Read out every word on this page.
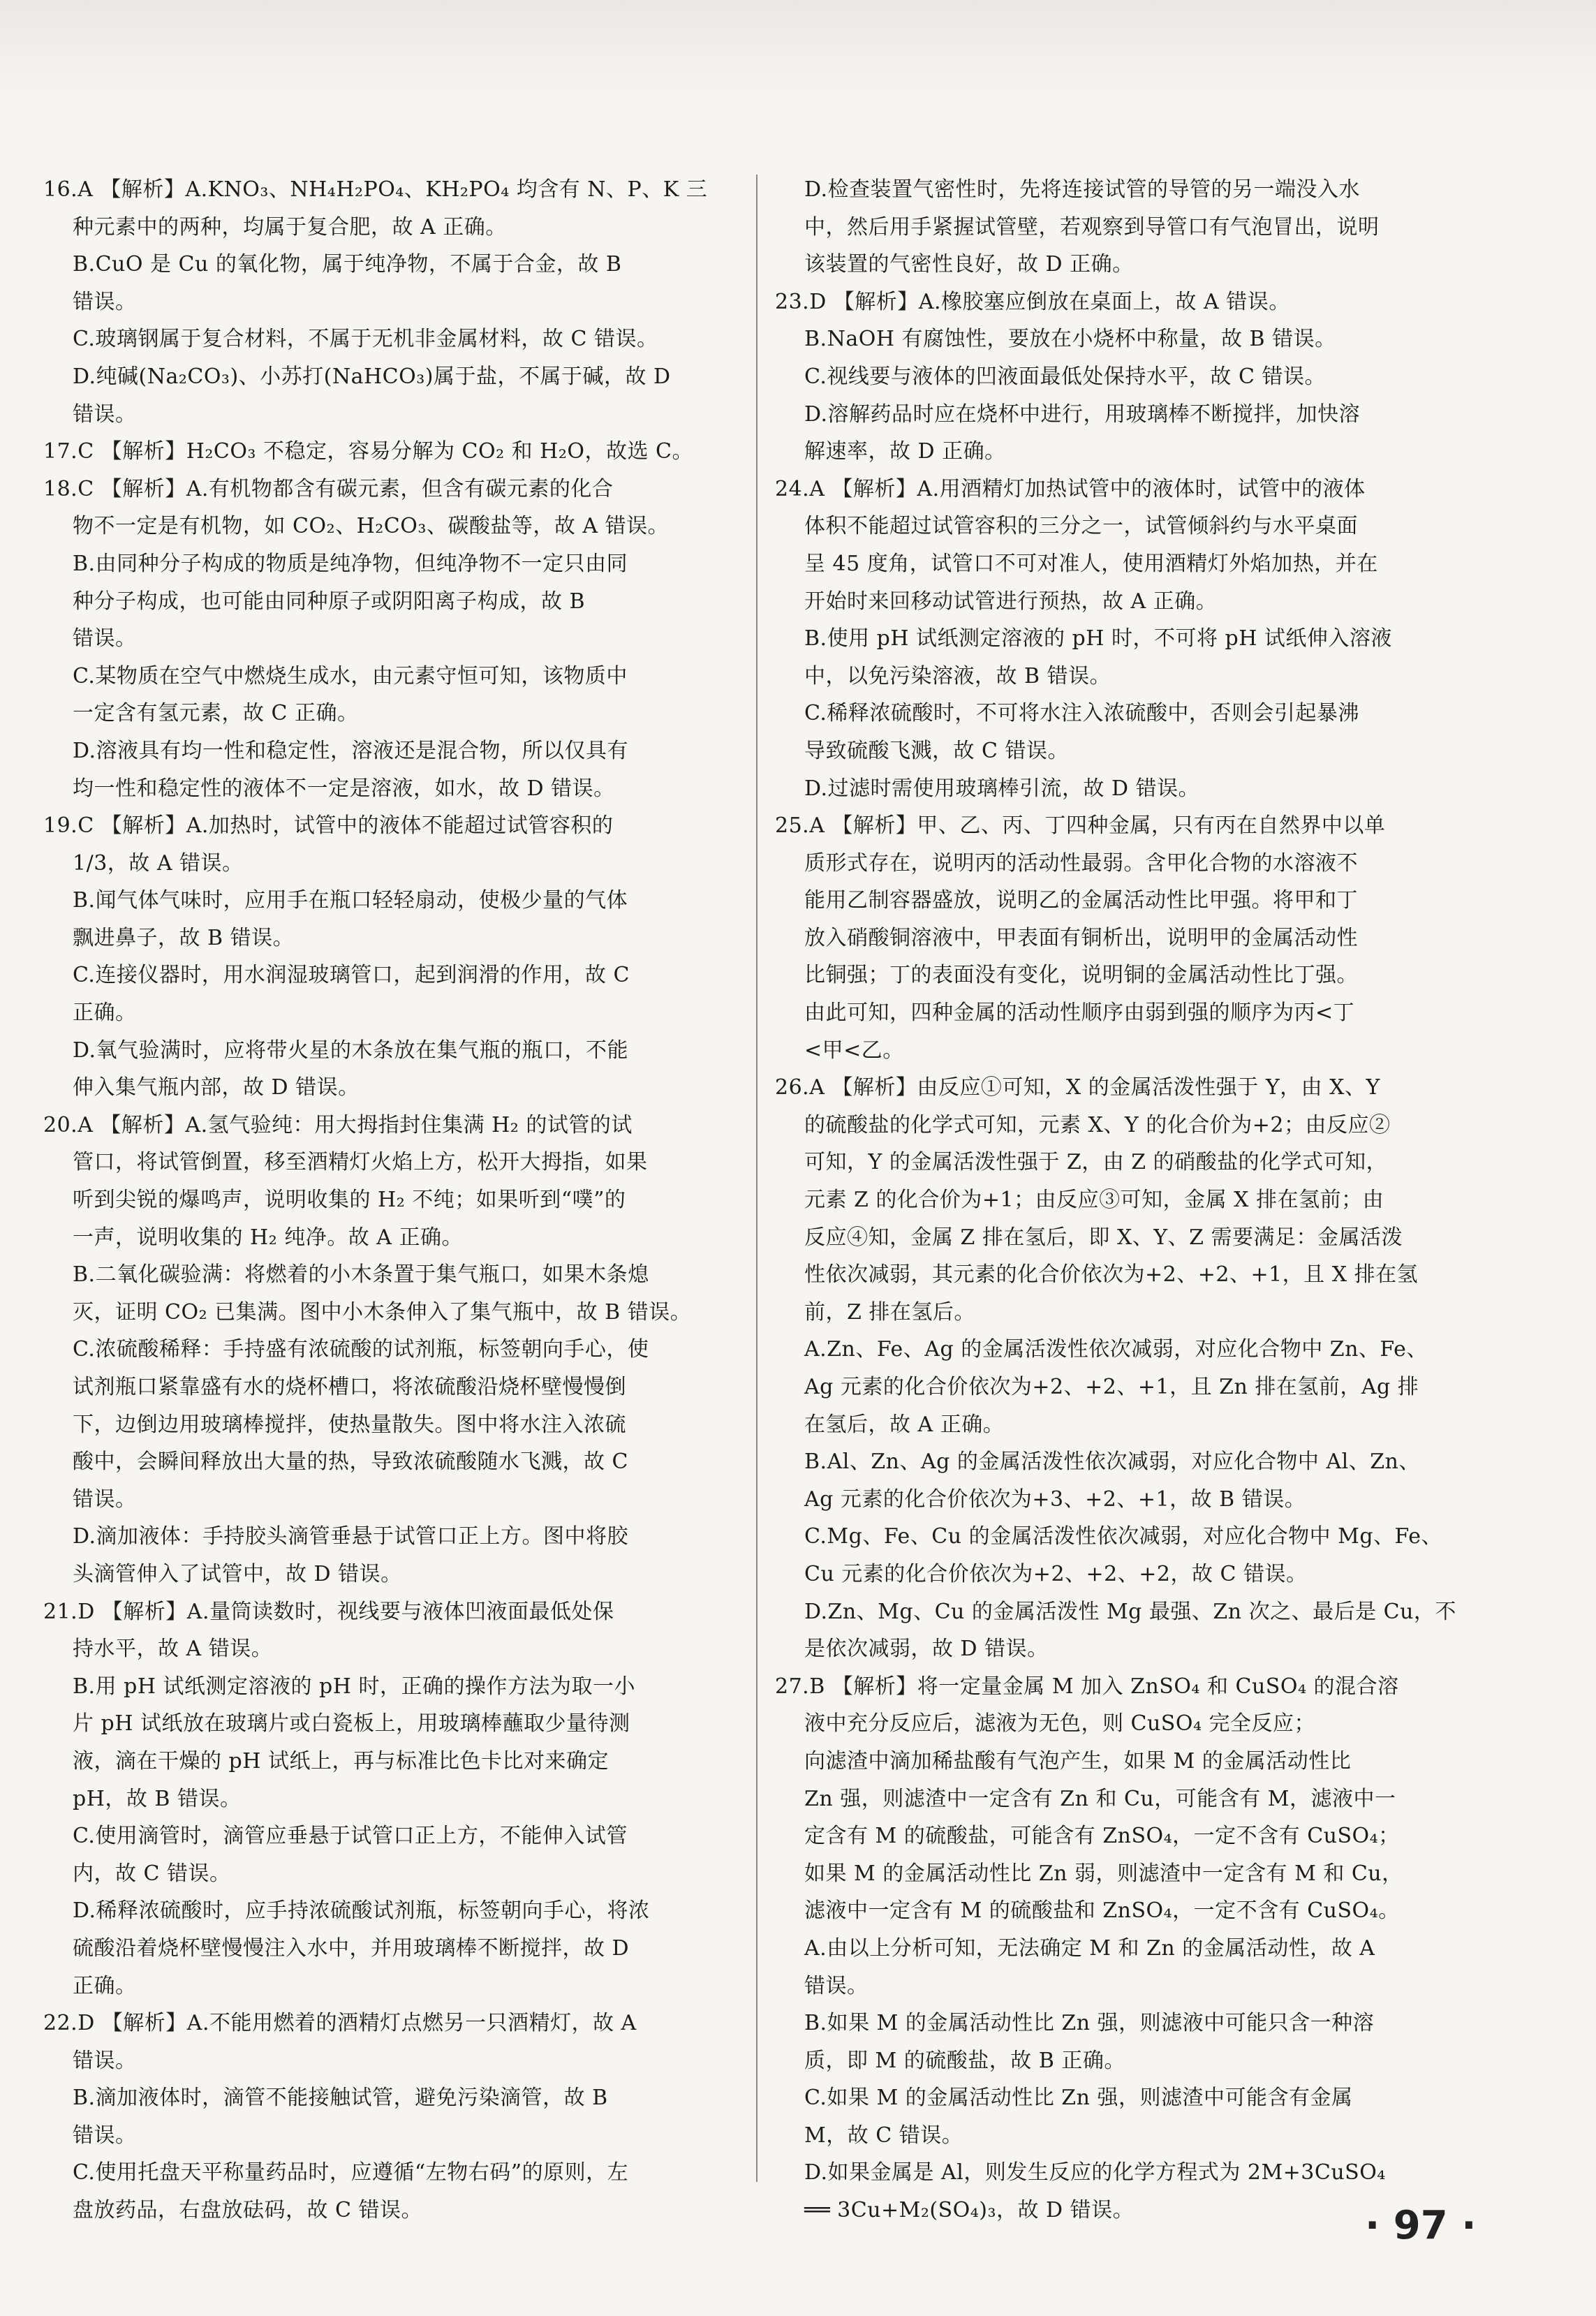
16.A 【解析】A.KNO₃、NH₄H₂PO₄、KH₂PO₄ 均含有 N、P、K 三
种元素中的两种，均属于复合肥，故 A 正确。
B.CuO 是 Cu 的氧化物，属于纯净物，不属于合金，故 B
错误。
C.玻璃钢属于复合材料，不属于无机非金属材料，故 C 错误。
D.纯碱(Na₂CO₃)、小苏打(NaHCO₃)属于盐，不属于碱，故 D
错误。
17.C 【解析】H₂CO₃ 不稳定，容易分解为 CO₂ 和 H₂O，故选 C。
18.C 【解析】A.有机物都含有碳元素，但含有碳元素的化合
物不一定是有机物，如 CO₂、H₂CO₃、碳酸盐等，故 A 错误。
B.由同种分子构成的物质是纯净物，但纯净物不一定只由同
种分子构成，也可能由同种原子或阴阳离子构成，故 B
错误。
C.某物质在空气中燃烧生成水，由元素守恒可知，该物质中
一定含有氢元素，故 C 正确。
D.溶液具有均一性和稳定性，溶液还是混合物，所以仅具有
均一性和稳定性的液体不一定是溶液，如水，故 D 错误。
19.C 【解析】A.加热时，试管中的液体不能超过试管容积的
1/3，故 A 错误。
B.闻气体气味时，应用手在瓶口轻轻扇动，使极少量的气体
飘进鼻子，故 B 错误。
C.连接仪器时，用水润湿玻璃管口，起到润滑的作用，故 C
正确。
D.氧气验满时，应将带火星的木条放在集气瓶的瓶口，不能
伸入集气瓶内部，故 D 错误。
20.A 【解析】A.氢气验纯：用大拇指封住集满 H₂ 的试管的试
管口，将试管倒置，移至酒精灯火焰上方，松开大拇指，如果
听到尖锐的爆鸣声，说明收集的 H₂ 不纯；如果听到“噗”的
一声，说明收集的 H₂ 纯净。故 A 正确。
B.二氧化碳验满：将燃着的小木条置于集气瓶口，如果木条熄
灭，证明 CO₂ 已集满。图中小木条伸入了集气瓶中，故 B 错误。
C.浓硫酸稀释：手持盛有浓硫酸的试剂瓶，标签朝向手心，使
试剂瓶口紧靠盛有水的烧杯槽口，将浓硫酸沿烧杯壁慢慢倒
下，边倒边用玻璃棒搅拌，使热量散失。图中将水注入浓硫
酸中，会瞬间释放出大量的热，导致浓硫酸随水飞溅，故 C
错误。
D.滴加液体：手持胶头滴管垂悬于试管口正上方。图中将胶
头滴管伸入了试管中，故 D 错误。
21.D 【解析】A.量筒读数时，视线要与液体凹液面最低处保
持水平，故 A 错误。
B.用 pH 试纸测定溶液的 pH 时，正确的操作方法为取一小
片 pH 试纸放在玻璃片或白瓷板上，用玻璃棒蘸取少量待测
液，滴在干燥的 pH 试纸上，再与标准比色卡比对来确定
pH，故 B 错误。
C.使用滴管时，滴管应垂悬于试管口正上方，不能伸入试管
内，故 C 错误。
D.稀释浓硫酸时，应手持浓硫酸试剂瓶，标签朝向手心，将浓
硫酸沿着烧杯壁慢慢注入水中，并用玻璃棒不断搅拌，故 D
正确。
22.D 【解析】A.不能用燃着的酒精灯点燃另一只酒精灯，故 A
错误。
B.滴加液体时，滴管不能接触试管，避免污染滴管，故 B
错误。
C.使用托盘天平称量药品时，应遵循“左物右码”的原则，左
盘放药品，右盘放砝码，故 C 错误。
D.检查装置气密性时，先将连接试管的导管的另一端没入水
中，然后用手紧握试管壁，若观察到导管口有气泡冒出，说明
该装置的气密性良好，故 D 正确。
23.D 【解析】A.橡胶塞应倒放在桌面上，故 A 错误。
B.NaOH 有腐蚀性，要放在小烧杯中称量，故 B 错误。
C.视线要与液体的凹液面最低处保持水平，故 C 错误。
D.溶解药品时应在烧杯中进行，用玻璃棒不断搅拌，加快溶
解速率，故 D 正确。
24.A 【解析】A.用酒精灯加热试管中的液体时，试管中的液体
体积不能超过试管容积的三分之一，试管倾斜约与水平桌面
呈 45 度角，试管口不可对准人，使用酒精灯外焰加热，并在
开始时来回移动试管进行预热，故 A 正确。
B.使用 pH 试纸测定溶液的 pH 时，不可将 pH 试纸伸入溶液
中，以免污染溶液，故 B 错误。
C.稀释浓硫酸时，不可将水注入浓硫酸中，否则会引起暴沸
导致硫酸飞溅，故 C 错误。
D.过滤时需使用玻璃棒引流，故 D 错误。
25.A 【解析】甲、乙、丙、丁四种金属，只有丙在自然界中以单
质形式存在，说明丙的活动性最弱。含甲化合物的水溶液不
能用乙制容器盛放，说明乙的金属活动性比甲强。将甲和丁
放入硝酸铜溶液中，甲表面有铜析出，说明甲的金属活动性
比铜强；丁的表面没有变化，说明铜的金属活动性比丁强。
由此可知，四种金属的活动性顺序由弱到强的顺序为丙<丁
<甲<乙。
26.A 【解析】由反应①可知，X 的金属活泼性强于 Y，由 X、Y
的硫酸盐的化学式可知，元素 X、Y 的化合价为+2；由反应②
可知，Y 的金属活泼性强于 Z，由 Z 的硝酸盐的化学式可知，
元素 Z 的化合价为+1；由反应③可知，金属 X 排在氢前；由
反应④知，金属 Z 排在氢后，即 X、Y、Z 需要满足：金属活泼
性依次减弱，其元素的化合价依次为+2、+2、+1，且 X 排在氢
前，Z 排在氢后。
A.Zn、Fe、Ag 的金属活泼性依次减弱，对应化合物中 Zn、Fe、
Ag 元素的化合价依次为+2、+2、+1，且 Zn 排在氢前，Ag 排
在氢后，故 A 正确。
B.Al、Zn、Ag 的金属活泼性依次减弱，对应化合物中 Al、Zn、
Ag 元素的化合价依次为+3、+2、+1，故 B 错误。
C.Mg、Fe、Cu 的金属活泼性依次减弱，对应化合物中 Mg、Fe、
Cu 元素的化合价依次为+2、+2、+2，故 C 错误。
D.Zn、Mg、Cu 的金属活泼性 Mg 最强、Zn 次之、最后是 Cu，不
是依次减弱，故 D 错误。
27.B 【解析】将一定量金属 M 加入 ZnSO₄ 和 CuSO₄ 的混合溶
液中充分反应后，滤液为无色，则 CuSO₄ 完全反应；
向滤渣中滴加稀盐酸有气泡产生，如果 M 的金属活动性比
Zn 强，则滤渣中一定含有 Zn 和 Cu，可能含有 M，滤液中一
定含有 M 的硫酸盐，可能含有 ZnSO₄，一定不含有 CuSO₄；
如果 M 的金属活动性比 Zn 弱，则滤渣中一定含有 M 和 Cu，
滤液中一定含有 M 的硫酸盐和 ZnSO₄，一定不含有 CuSO₄。
A.由以上分析可知，无法确定 M 和 Zn 的金属活动性，故 A
错误。
B.如果 M 的金属活动性比 Zn 强，则滤液中可能只含一种溶
质，即 M 的硫酸盐，故 B 正确。
C.如果 M 的金属活动性比 Zn 强，则滤渣中可能含有金属
M，故 C 错误。
D.如果金属是 Al，则发生反应的化学方程式为 2M+3CuSO₄
══ 3Cu+M₂(SO₄)₃，故 D 错误。	· 97 ·
